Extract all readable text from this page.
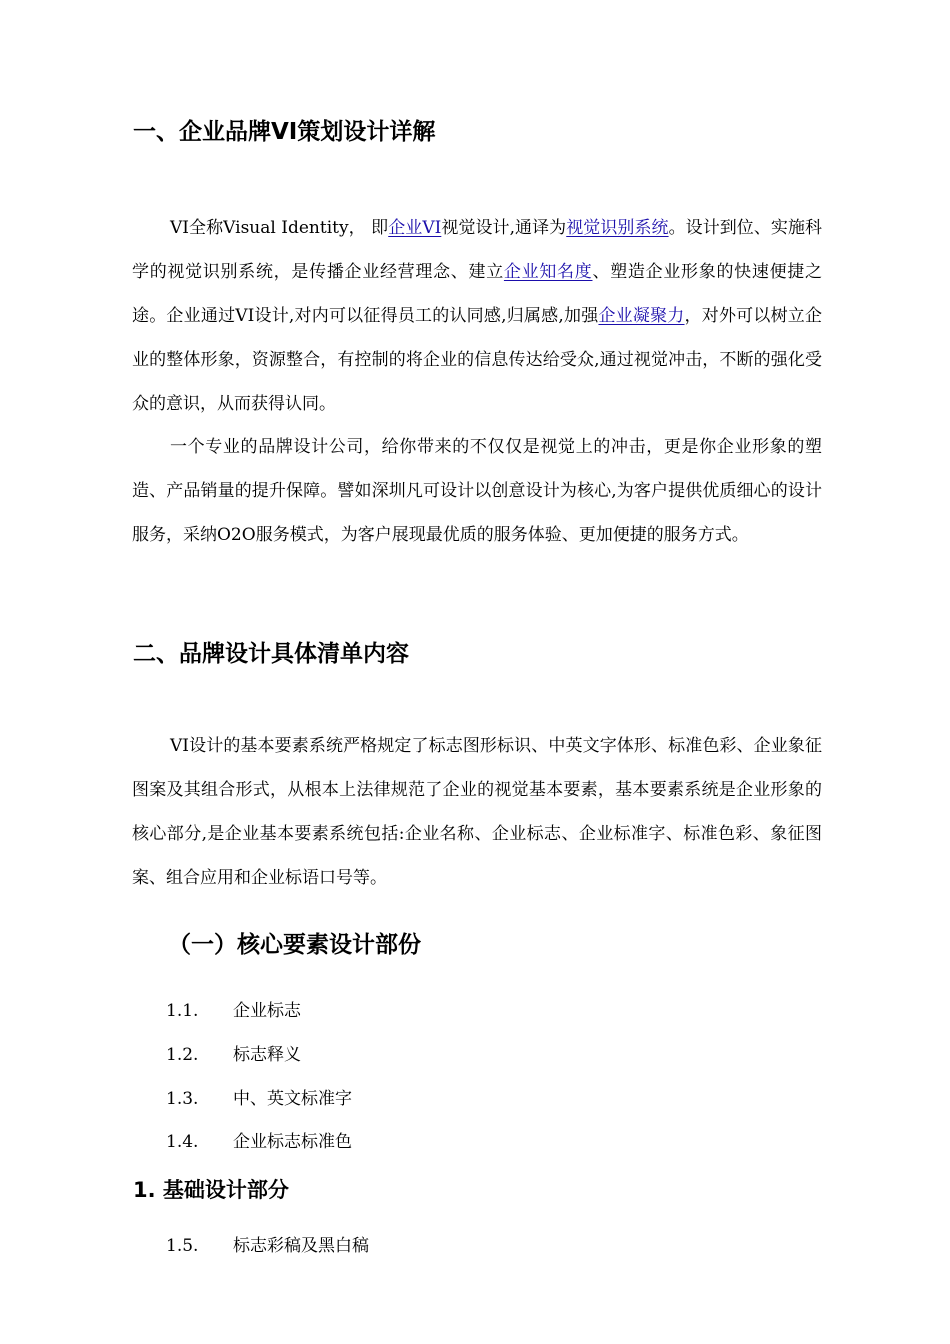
一、企业品牌VI策划设计详解

VI全称Visual Identity， 即企业VI视觉设计,通译为视觉识别系统。设计到位、实施科学的视觉识别系统，是传播企业经营理念、建立企业知名度、塑造企业形象的快速便捷之途。企业通过VI设计,对内可以征得员工的认同感,归属感,加强企业凝聚力，对外可以树立企业的整体形象，资源整合，有控制的将企业的信息传达给受众,通过视觉冲击，不断的强化受众的意识，从而获得认同。

一个专业的品牌设计公司，给你带来的不仅仅是视觉上的冲击，更是你企业形象的塑造、产品销量的提升保障。譬如深圳凡可设计以创意设计为核心,为客户提供优质细心的设计服务，采纳O2O服务模式，为客户展现最优质的服务体验、更加便捷的服务方式。

二、品牌设计具体清单内容

VI设计的基本要素系统严格规定了标志图形标识、中英文字体形、标准色彩、企业象征图案及其组合形式，从根本上法律规范了企业的视觉基本要素，基本要素系统是企业形象的核心部分,是企业基本要素系统包括:企业名称、企业标志、企业标准字、标准色彩、象征图案、组合应用和企业标语口号等。

（一）核心要素设计部份
1.1. 企业标志
1.2. 标志释义
1.3. 中、英文标准字
1.4. 企业标志标准色
1. 基础设计部分
1.5. 标志彩稿及黑白稿
